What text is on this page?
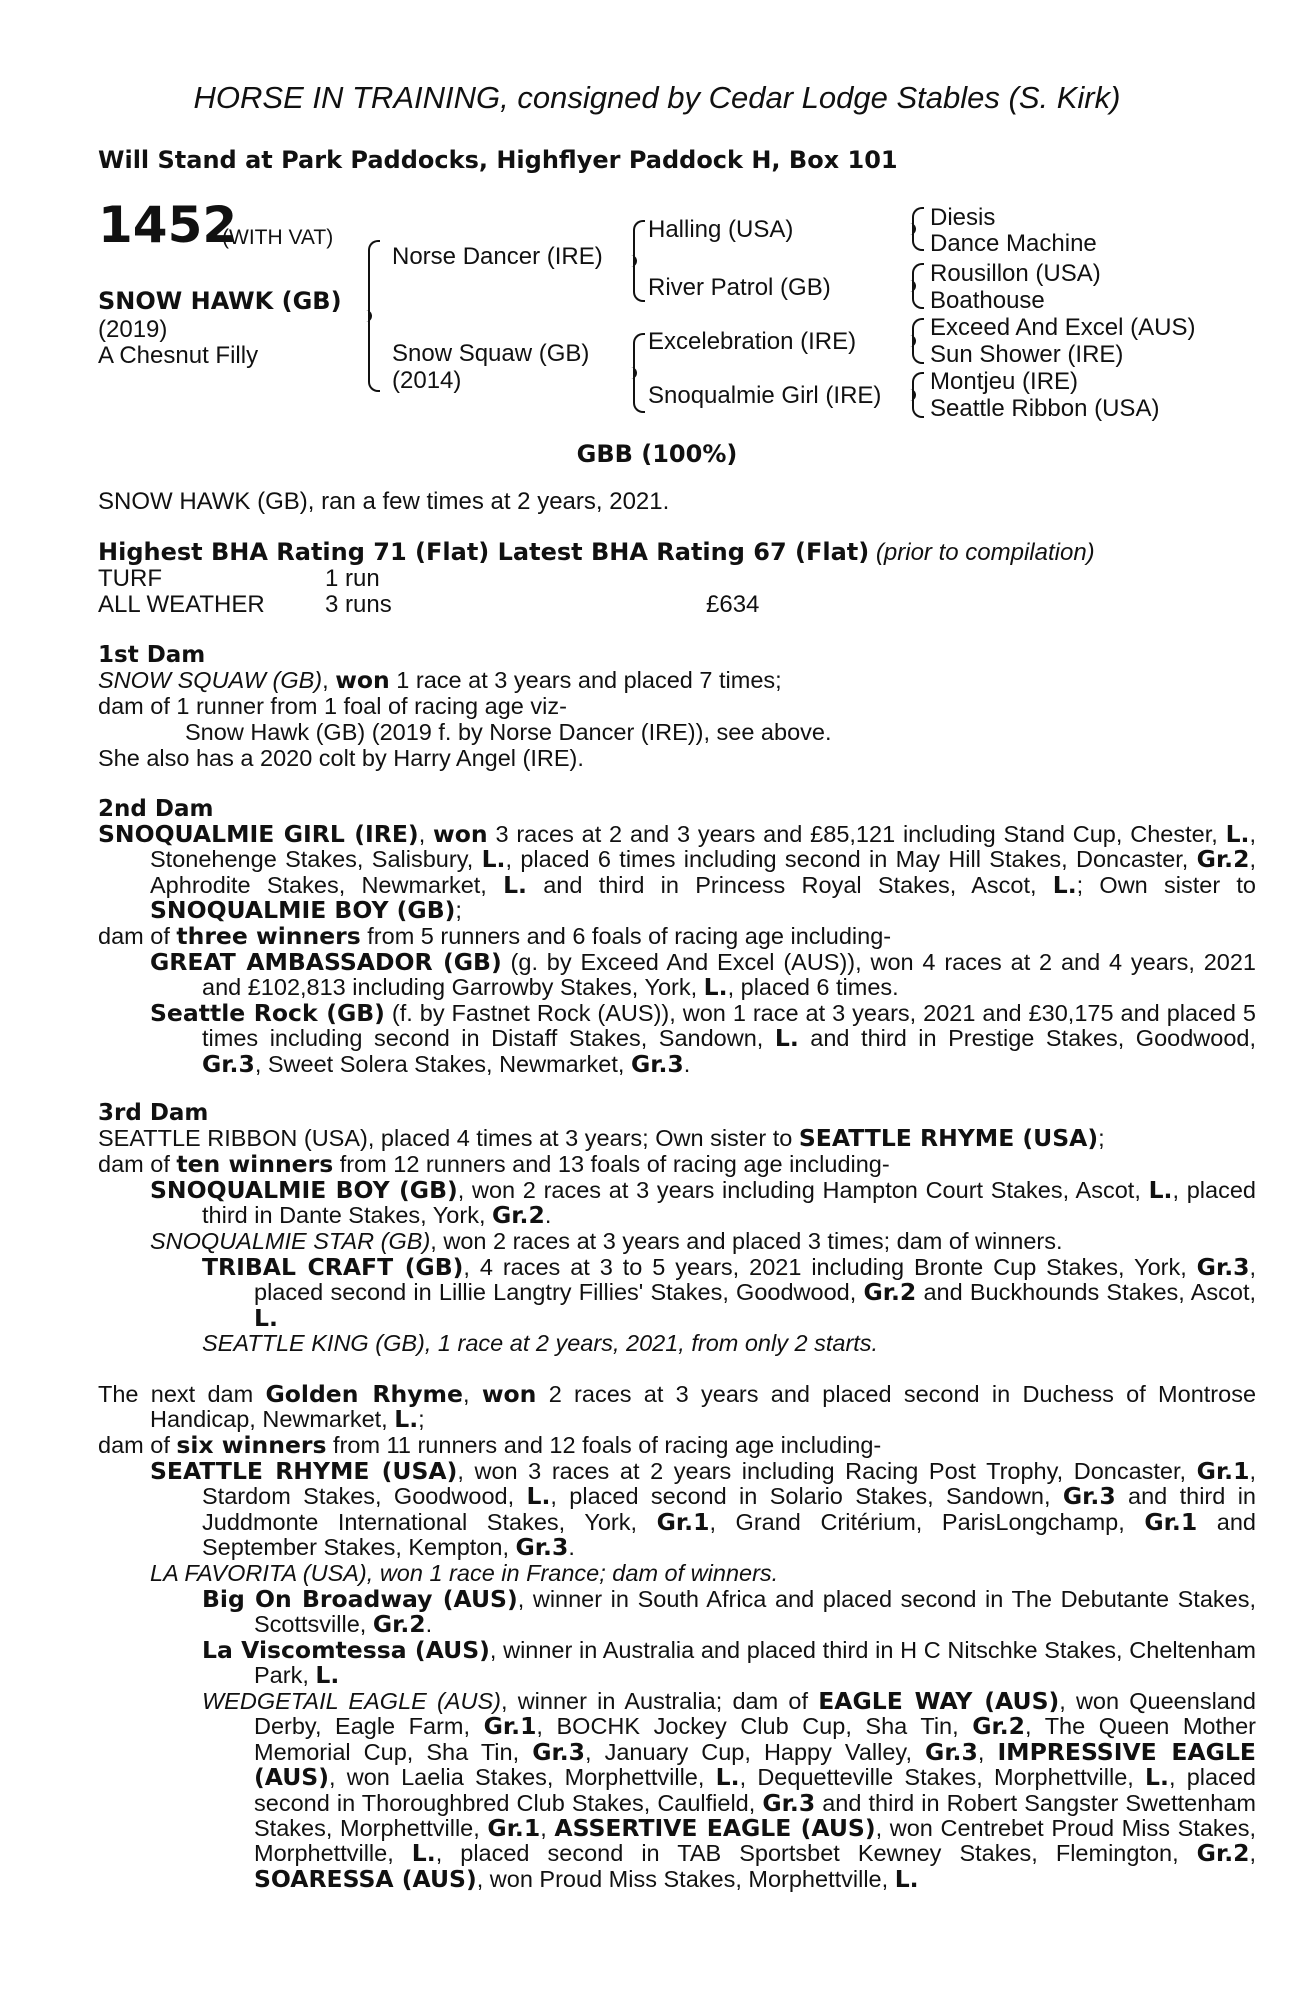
HORSE IN TRAINING, consigned by Cedar Lodge Stables (S. Kirk)
Will Stand at Park Paddocks, Highflyer Paddock H, Box 101
1452
(WITH VAT)
SNOW HAWK (GB)
(2019)
A Chesnut Filly
Norse Dancer (IRE)
Snow Squaw (GB)
(2014)
Halling (USA)
River Patrol (GB)
Excelebration (IRE)
Snoqualmie Girl (IRE)
Diesis
Dance Machine
Rousillon (USA)
Boathouse
Exceed And Excel (AUS)
Sun Shower (IRE)
Montjeu (IRE)
Seattle Ribbon (USA)
GBB (100%)
SNOW HAWK (GB), ran a few times at 2 years, 2021.
Highest BHA Rating 71 (Flat) Latest BHA Rating 67 (Flat) (prior to compilation)
TURF	1 run
ALL WEATHER	3 runs	£634
1st Dam
SNOW SQUAW (GB), won 1 race at 3 years and placed 7 times;
dam of 1 runner from 1 foal of racing age viz-
Snow Hawk (GB) (2019 f. by Norse Dancer (IRE)), see above.
She also has a 2020 colt by Harry Angel (IRE).
2nd Dam
SNOQUALMIE GIRL (IRE), won 3 races at 2 and 3 years and £85,121 including Stand Cup, Chester, L., Stonehenge Stakes, Salisbury, L., placed 6 times including second in May Hill Stakes, Doncaster, Gr.2, Aphrodite Stakes, Newmarket, L. and third in Princess Royal Stakes, Ascot, L.; Own sister to SNOQUALMIE BOY (GB);
dam of three winners from 5 runners and 6 foals of racing age including-
GREAT AMBASSADOR (GB) (g. by Exceed And Excel (AUS)), won 4 races at 2 and 4 years, 2021 and £102,813 including Garrowby Stakes, York, L., placed 6 times.
Seattle Rock (GB) (f. by Fastnet Rock (AUS)), won 1 race at 3 years, 2021 and £30,175 and placed 5 times including second in Distaff Stakes, Sandown, L. and third in Prestige Stakes, Goodwood, Gr.3, Sweet Solera Stakes, Newmarket, Gr.3.
3rd Dam
SEATTLE RIBBON (USA), placed 4 times at 3 years; Own sister to SEATTLE RHYME (USA);
dam of ten winners from 12 runners and 13 foals of racing age including-
SNOQUALMIE BOY (GB), won 2 races at 3 years including Hampton Court Stakes, Ascot, L., placed third in Dante Stakes, York, Gr.2.
SNOQUALMIE STAR (GB), won 2 races at 3 years and placed 3 times; dam of winners.
TRIBAL CRAFT (GB), 4 races at 3 to 5 years, 2021 including Bronte Cup Stakes, York, Gr.3, placed second in Lillie Langtry Fillies' Stakes, Goodwood, Gr.2 and Buckhounds Stakes, Ascot, L.
SEATTLE KING (GB), 1 race at 2 years, 2021, from only 2 starts.
The next dam Golden Rhyme, won 2 races at 3 years and placed second in Duchess of Montrose Handicap, Newmarket, L.;
dam of six winners from 11 runners and 12 foals of racing age including-
SEATTLE RHYME (USA), won 3 races at 2 years including Racing Post Trophy, Doncaster, Gr.1, Stardom Stakes, Goodwood, L., placed second in Solario Stakes, Sandown, Gr.3 and third in Juddmonte International Stakes, York, Gr.1, Grand Critérium, ParisLongchamp, Gr.1 and September Stakes, Kempton, Gr.3.
LA FAVORITA (USA), won 1 race in France; dam of winners.
Big On Broadway (AUS), winner in South Africa and placed second in The Debutante Stakes, Scottsville, Gr.2.
La Viscomtessa (AUS), winner in Australia and placed third in H C Nitschke Stakes, Cheltenham Park, L.
WEDGETAIL EAGLE (AUS), winner in Australia; dam of EAGLE WAY (AUS), won Queensland Derby, Eagle Farm, Gr.1, BOCHK Jockey Club Cup, Sha Tin, Gr.2, The Queen Mother Memorial Cup, Sha Tin, Gr.3, January Cup, Happy Valley, Gr.3, IMPRESSIVE EAGLE (AUS), won Laelia Stakes, Morphettville, L., Dequetteville Stakes, Morphettville, L., placed second in Thoroughbred Club Stakes, Caulfield, Gr.3 and third in Robert Sangster Swettenham Stakes, Morphettville, Gr.1, ASSERTIVE EAGLE (AUS), won Centrebet Proud Miss Stakes, Morphettville, L., placed second in TAB Sportsbet Kewney Stakes, Flemington, Gr.2, SOARESSA (AUS), won Proud Miss Stakes, Morphettville, L.
